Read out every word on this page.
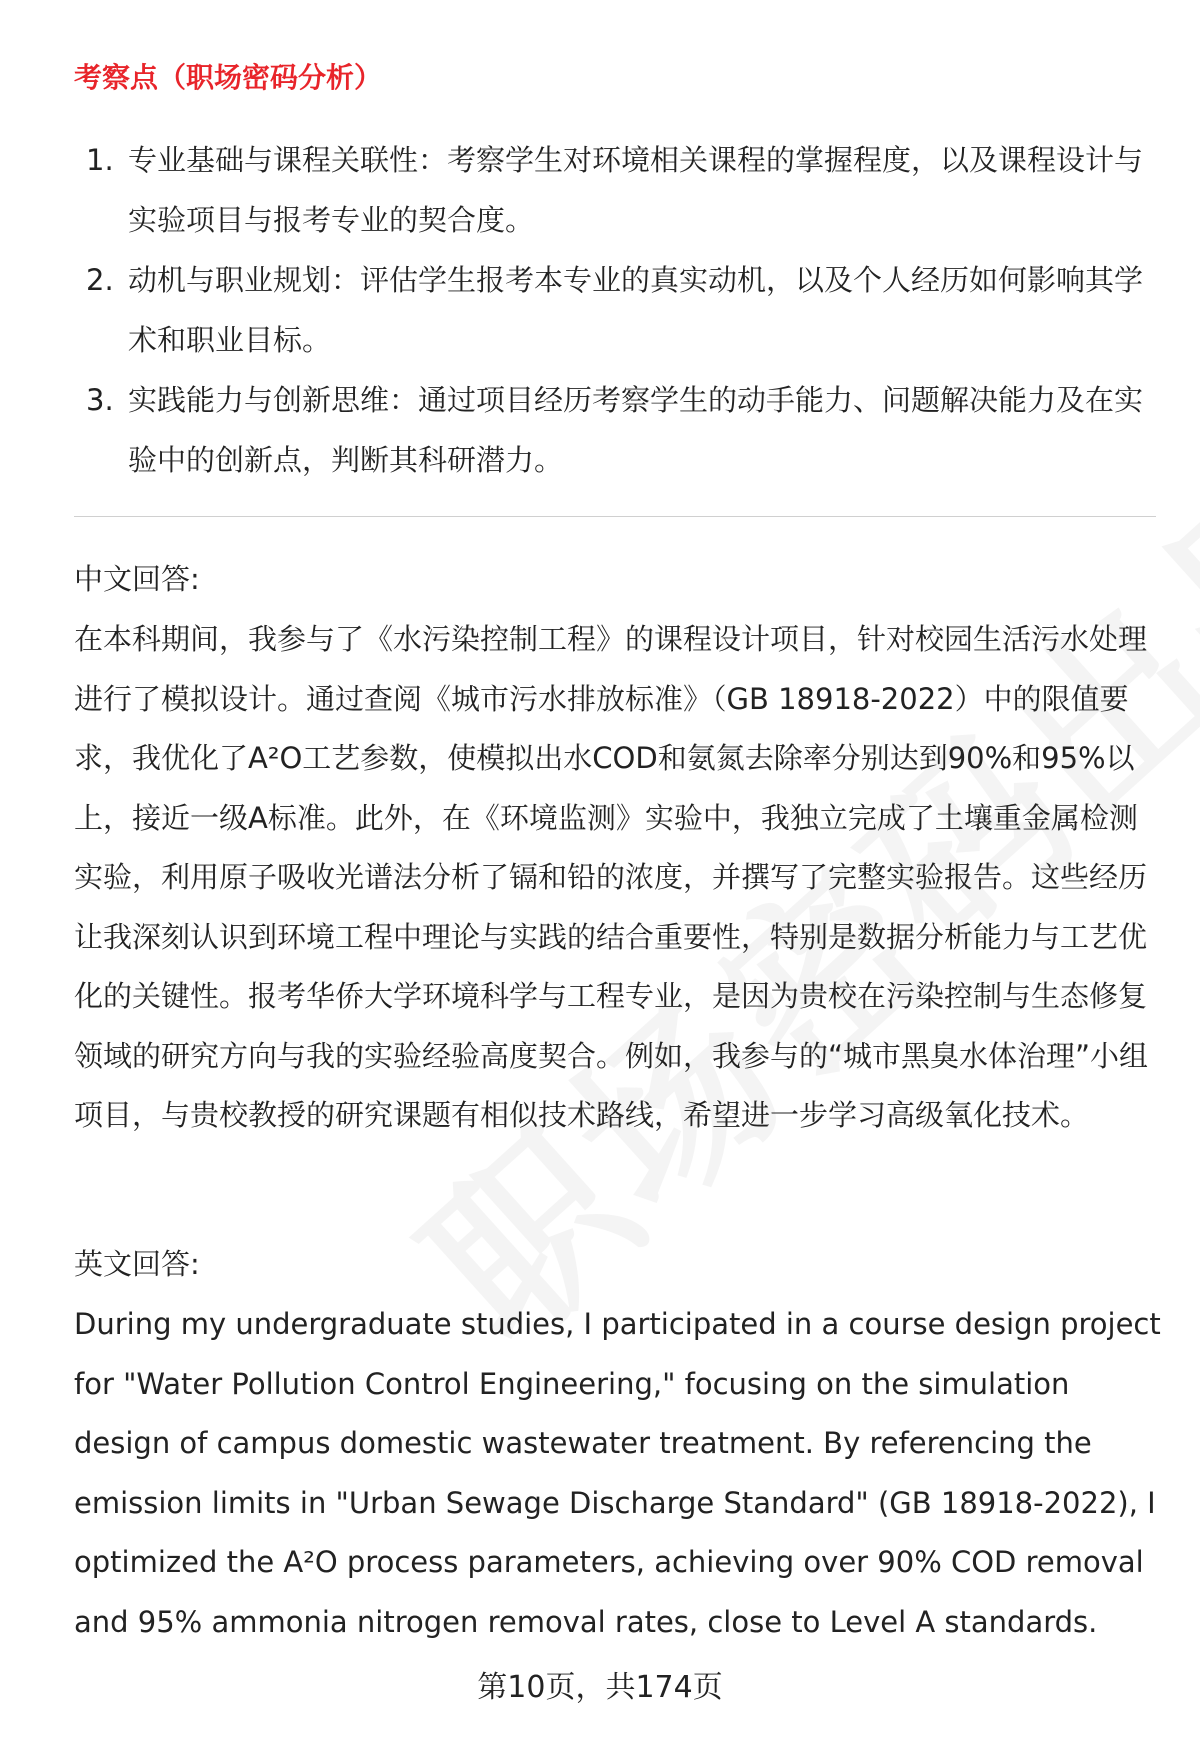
考察点（职场密码分析）
1. 专业基础与课程关联性：考察学生对环境相关课程的掌握程度，以及课程设计与实验项目与报考专业的契合度。
2. 动机与职业规划：评估学生报考本专业的真实动机，以及个人经历如何影响其学术和职业目标。
3. 实践能力与创新思维：通过项目经历考察学生的动手能力、问题解决能力及在实验中的创新点，判断其科研潜力。

中文回答:

在本科期间，我参与了《水污染控制工程》的课程设计项目，针对校园生活污水处理进行了模拟设计。通过查阅《城市污水排放标准》（GB 18918-2022）中的限值要求，我优化了A²O工艺参数，使模拟出水COD和氨氮去除率分别达到90%和95%以上，接近一级A标准。此外，在《环境监测》实验中，我独立完成了土壤重金属检测实验，利用原子吸收光谱法分析了镉和铅的浓度，并撰写了完整实验报告。这些经历让我深刻认识到环境工程中理论与实践的结合重要性，特别是数据分析能力与工艺优化的关键性。报考华侨大学环境科学与工程专业，是因为贵校在污染控制与生态修复领域的研究方向与我的实验经验高度契合。例如，我参与的“城市黑臭水体治理”小组项目，与贵校教授的研究课题有相似技术路线，希望进一步学习高级氧化技术。

英文回答:

During my undergraduate studies, I participated in a course design project for "Water Pollution Control Engineering," focusing on the simulation design of campus domestic wastewater treatment. By referencing the emission limits in "Urban Sewage Discharge Standard" (GB 18918-2022), I optimized the A²O process parameters, achieving over 90% COD removal and 95% ammonia nitrogen removal rates, close to Level A standards.

第10页，共174页
